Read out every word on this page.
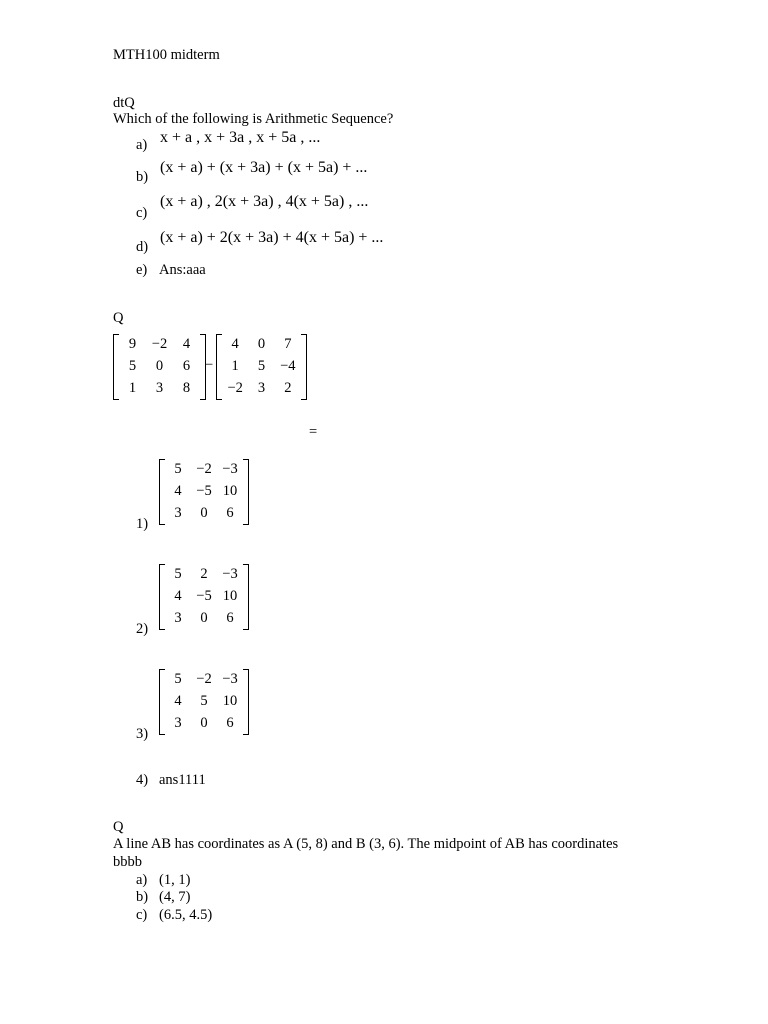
MTH100 midterm
dtQ
Which of the following is Arithmetic Sequence?
a) x + a , x + 3a , x + 5a , ...
b)
(x + a) + (x + 3a) + (x + 5a) + ...
c)
(x + a) , 2(x + 3a) , 4(x + 5a) , ...
d)
(x + a) + 2(x + 3a) + 4(x + 5a) + ...
e) Ans:aaa
Q
9	−2	4
5	0	6
1	3	8
−
4	0	7
1	5	−4
−2	3	2
=
5	−2 −3
4	−5 10
3	0	6
1)
5	2	−3
4	−5 10
3	0	6
2)
5	−2 −3
4	5	10
3	0	6
3)
4) ans1111
Q
A line AB has coordinates as A (5, 8) and B (3, 6). The midpoint of AB has coordinates
bbbb
a) (1, 1)
b) (4, 7)
c) (6.5, 4.5)
